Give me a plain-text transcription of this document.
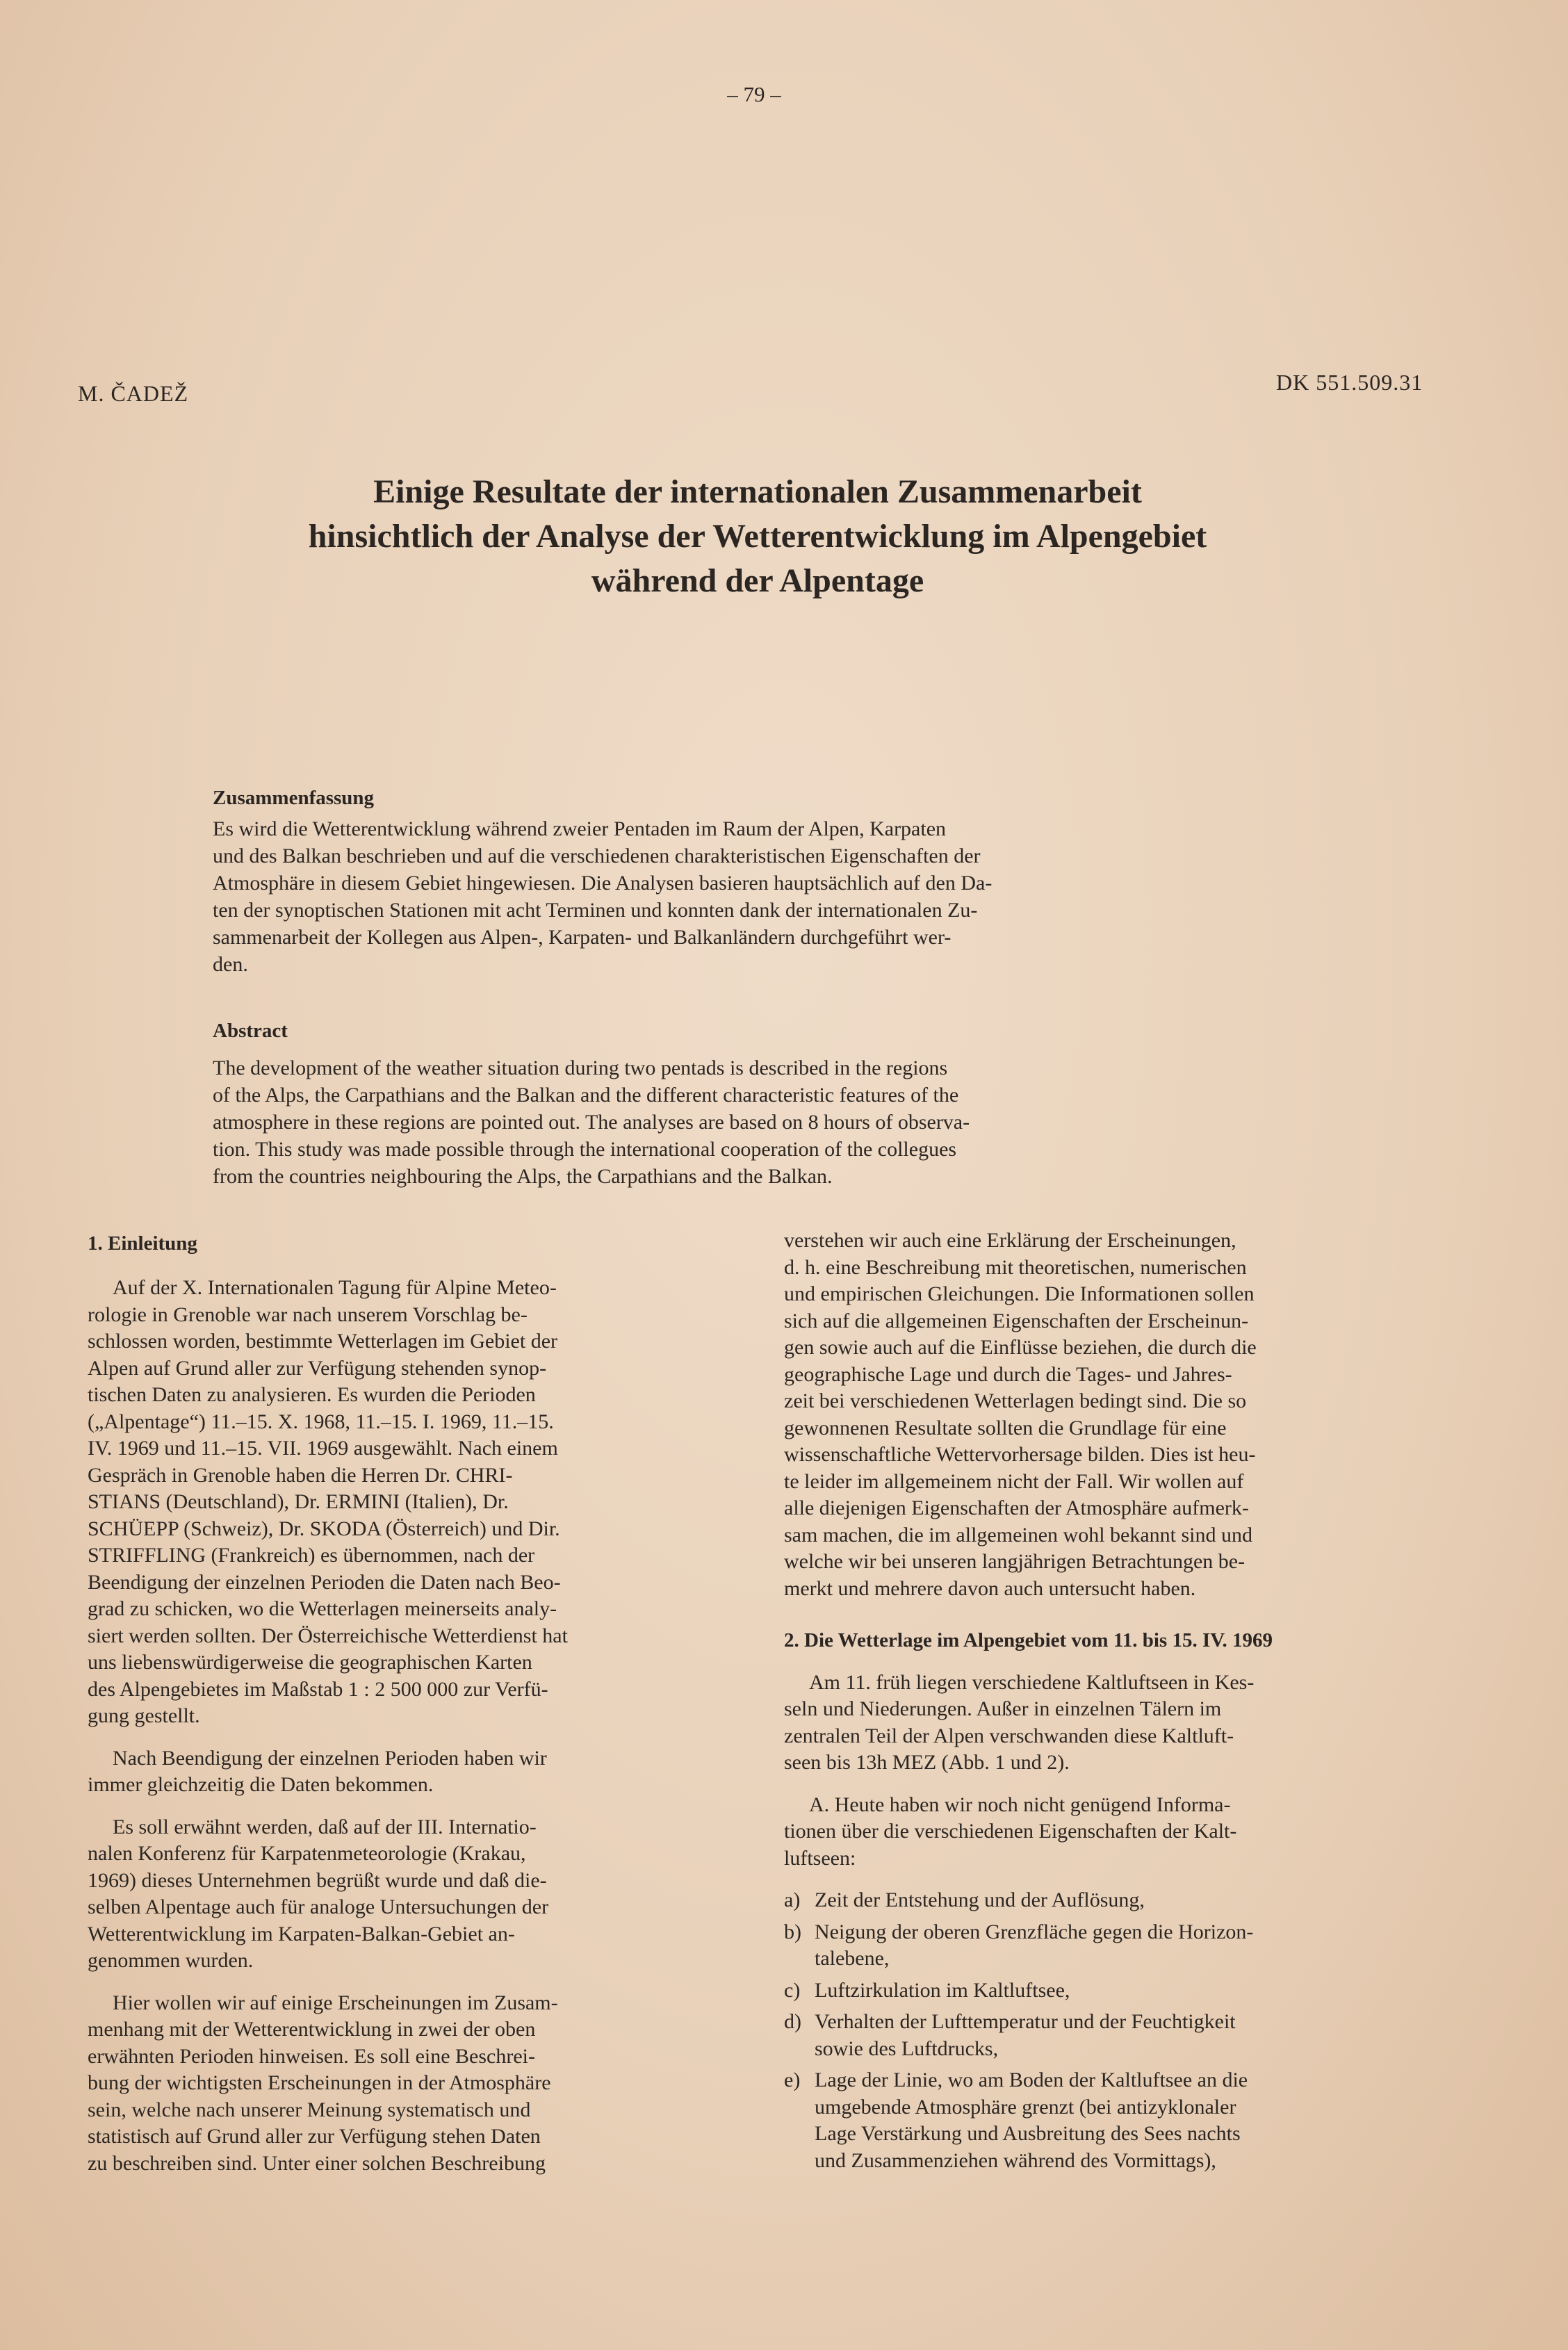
– 79 –
M. ČADEŽ	DK 551.509.31
Einige Resultate der internationalen Zusammenarbeit
hinsichtlich der Analyse der Wetterentwicklung im Alpengebiet
während der Alpentage
Zusammenfassung
Es wird die Wetterentwicklung während zweier Pentaden im Raum der Alpen, Karpaten
und des Balkan beschrieben und auf die verschiedenen charakteristischen Eigenschaften der
Atmosphäre in diesem Gebiet hingewiesen. Die Analysen basieren hauptsächlich auf den Da-
ten der synoptischen Stationen mit acht Terminen und konnten dank der internationalen Zu-
sammenarbeit der Kollegen aus Alpen-, Karpaten- und Balkanländern durchgeführt wer-
den.
Abstract
The development of the weather situation during two pentads is described in the regions
of the Alps, the Carpathians and the Balkan and the different characteristic features of the
atmosphere in these regions are pointed out. The analyses are based on 8 hours of observa-
tion. This study was made possible through the international cooperation of the collegues
from the countries neighbouring the Alps, the Carpathians and the Balkan.
1. Einleitung
Auf der X. Internationalen Tagung für Alpine Meteo-
rologie in Grenoble war nach unserem Vorschlag be-
schlossen worden, bestimmte Wetterlagen im Gebiet der
Alpen auf Grund aller zur Verfügung stehenden synop-
tischen Daten zu analysieren. Es wurden die Perioden
(„Alpentage“) 11.–15. X. 1968, 11.–15. I. 1969, 11.–15.
IV. 1969 und 11.–15. VII. 1969 ausgewählt. Nach einem
Gespräch in Grenoble haben die Herren Dr. CHRI-
STIANS (Deutschland), Dr. ERMINI (Italien), Dr.
SCHÜEPP (Schweiz), Dr. SKODA (Österreich) und Dir.
STRIFFLING (Frankreich) es übernommen, nach der
Beendigung der einzelnen Perioden die Daten nach Beo-
grad zu schicken, wo die Wetterlagen meinerseits analy-
siert werden sollten. Der Österreichische Wetterdienst hat
uns liebenswürdigerweise die geographischen Karten
des Alpengebietes im Maßstab 1 : 2 500 000 zur Verfü-
gung gestellt.
Nach Beendigung der einzelnen Perioden haben wir
immer gleichzeitig die Daten bekommen.
Es soll erwähnt werden, daß auf der III. Internatio-
nalen Konferenz für Karpatenmeteorologie (Krakau,
1969) dieses Unternehmen begrüßt wurde und daß die-
selben Alpentage auch für analoge Untersuchungen der
Wetterentwicklung im Karpaten-Balkan-Gebiet an-
genommen wurden.
Hier wollen wir auf einige Erscheinungen im Zusam-
menhang mit der Wetterentwicklung in zwei der oben
erwähnten Perioden hinweisen. Es soll eine Beschrei-
bung der wichtigsten Erscheinungen in der Atmosphäre
sein, welche nach unserer Meinung systematisch und
statistisch auf Grund aller zur Verfügung stehen Daten
zu beschreiben sind. Unter einer solchen Beschreibung
verstehen wir auch eine Erklärung der Erscheinungen,
d. h. eine Beschreibung mit theoretischen, numerischen
und empirischen Gleichungen. Die Informationen sollen
sich auf die allgemeinen Eigenschaften der Erscheinun-
gen sowie auch auf die Einflüsse beziehen, die durch die
geographische Lage und durch die Tages- und Jahres-
zeit bei verschiedenen Wetterlagen bedingt sind. Die so
gewonnenen Resultate sollten die Grundlage für eine
wissenschaftliche Wettervorhersage bilden. Dies ist heu-
te leider im allgemeinem nicht der Fall. Wir wollen auf
alle diejenigen Eigenschaften der Atmosphäre aufmerk-
sam machen, die im allgemeinen wohl bekannt sind und
welche wir bei unseren langjährigen Betrachtungen be-
merkt und mehrere davon auch untersucht haben.
2. Die Wetterlage im Alpengebiet vom 11. bis 15. IV. 1969
Am 11. früh liegen verschiedene Kaltluftseen in Kes-
seln und Niederungen. Außer in einzelnen Tälern im
zentralen Teil der Alpen verschwanden diese Kaltluft-
seen bis 13h MEZ (Abb. 1 und 2).
A. Heute haben wir noch nicht genügend Informa-
tionen über die verschiedenen Eigenschaften der Kalt-
luftseen:
a) Zeit der Entstehung und der Auflösung,
b) Neigung der oberen Grenzfläche gegen die Horizon-
talebene,
c) Luftzirkulation im Kaltluftsee,
d) Verhalten der Lufttemperatur und der Feuchtigkeit
sowie des Luftdrucks,
e) Lage der Linie, wo am Boden der Kaltluftsee an die
umgebende Atmosphäre grenzt (bei antizyklonaler
Lage Verstärkung und Ausbreitung des Sees nachts
und Zusammenziehen während des Vormittags),
